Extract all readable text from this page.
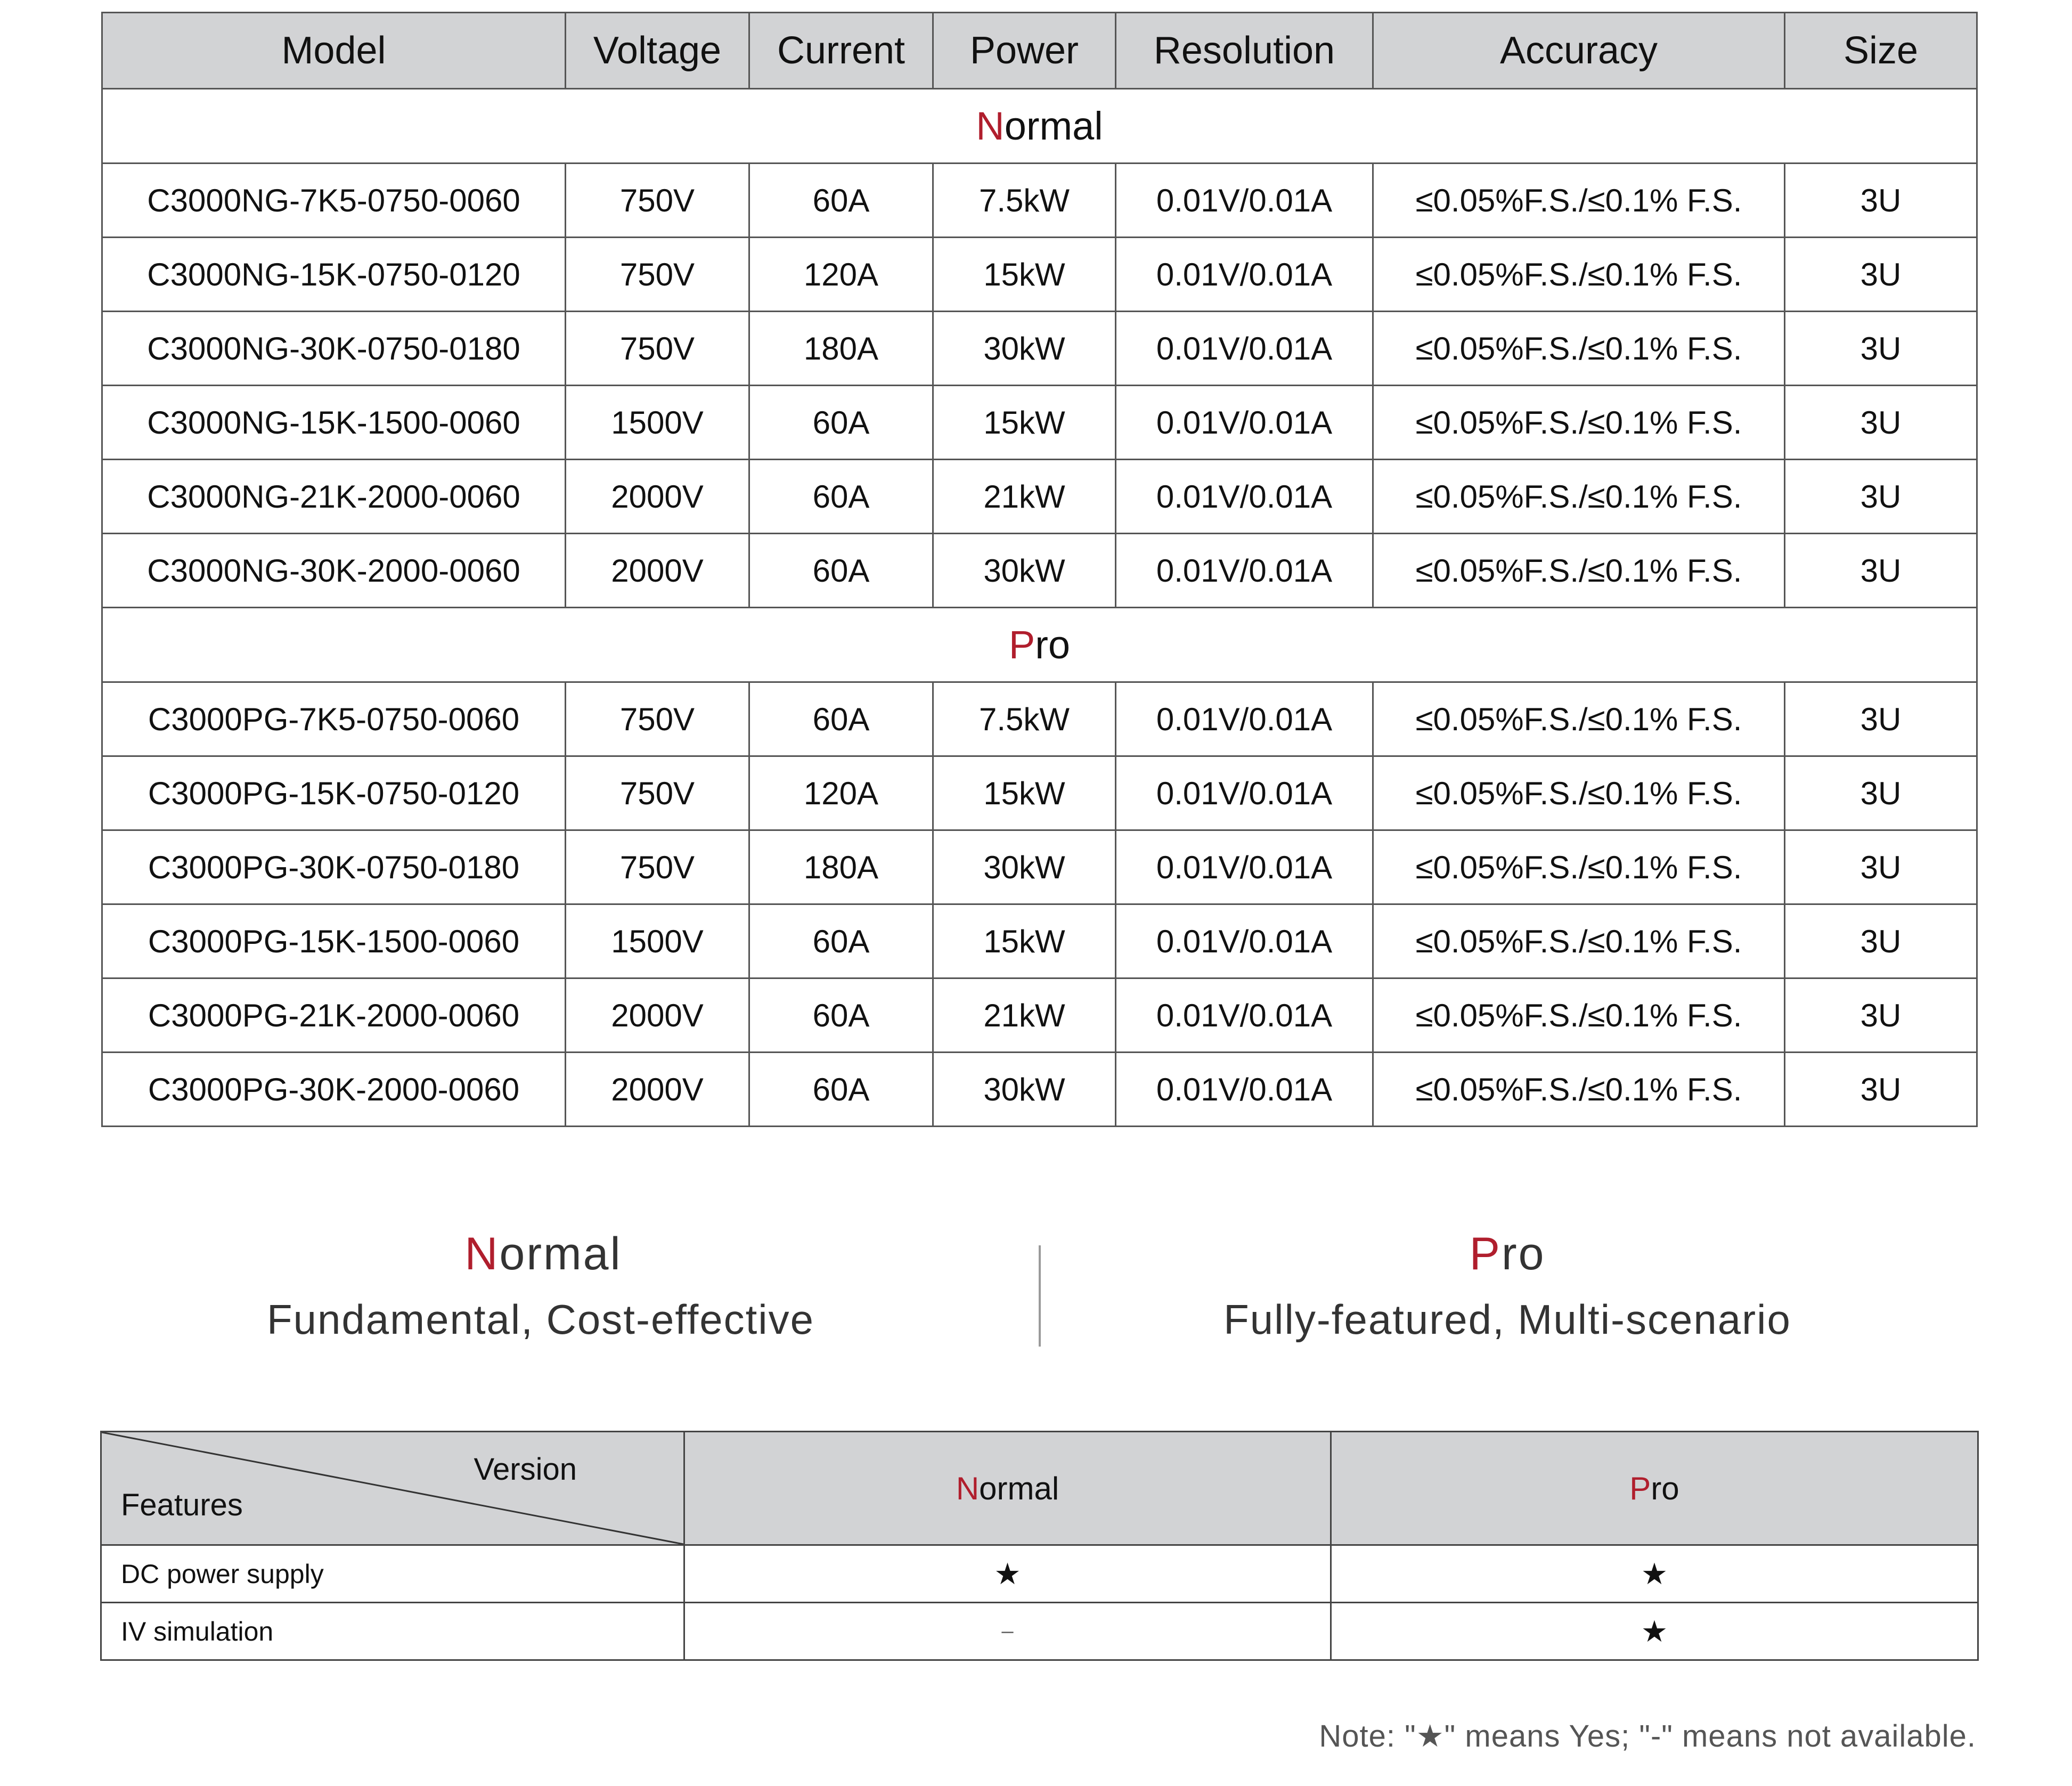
Model	Voltage	Current	Power	Resolution	Accuracy	Size
Normal						
C3000NG-7K5-0750-0060	750V	60A	7.5kW	0.01V/0.01A	≤0.05%F.S./≤0.1% F.S.	3U
C3000NG-15K-0750-0120	750V	120A	15kW	0.01V/0.01A	≤0.05%F.S./≤0.1% F.S.	3U
C3000NG-30K-0750-0180	750V	180A	30kW	0.01V/0.01A	≤0.05%F.S./≤0.1% F.S.	3U
C3000NG-15K-1500-0060	1500V	60A	15kW	0.01V/0.01A	≤0.05%F.S./≤0.1% F.S.	3U
C3000NG-21K-2000-0060	2000V	60A	21kW	0.01V/0.01A	≤0.05%F.S./≤0.1% F.S.	3U
C3000NG-30K-2000-0060	2000V	60A	30kW	0.01V/0.01A	≤0.05%F.S./≤0.1% F.S.	3U
Pro						
C3000PG-7K5-0750-0060	750V	60A	7.5kW	0.01V/0.01A	≤0.05%F.S./≤0.1% F.S.	3U
C3000PG-15K-0750-0120	750V	120A	15kW	0.01V/0.01A	≤0.05%F.S./≤0.1% F.S.	3U
C3000PG-30K-0750-0180	750V	180A	30kW	0.01V/0.01A	≤0.05%F.S./≤0.1% F.S.	3U
C3000PG-15K-1500-0060	1500V	60A	15kW	0.01V/0.01A	≤0.05%F.S./≤0.1% F.S.	3U
C3000PG-21K-2000-0060	2000V	60A	21kW	0.01V/0.01A	≤0.05%F.S./≤0.1% F.S.	3U
C3000PG-30K-2000-0060	2000V	60A	30kW	0.01V/0.01A	≤0.05%F.S./≤0.1% F.S.	3U
Normal
Fundamental, Cost-effective
Pro
Fully-featured, Multi-scenario
Version
Features	Normal	Pro
DC power supply	★	★
IV simulation	–	★
Note: "★" means Yes; "-" means not available.
